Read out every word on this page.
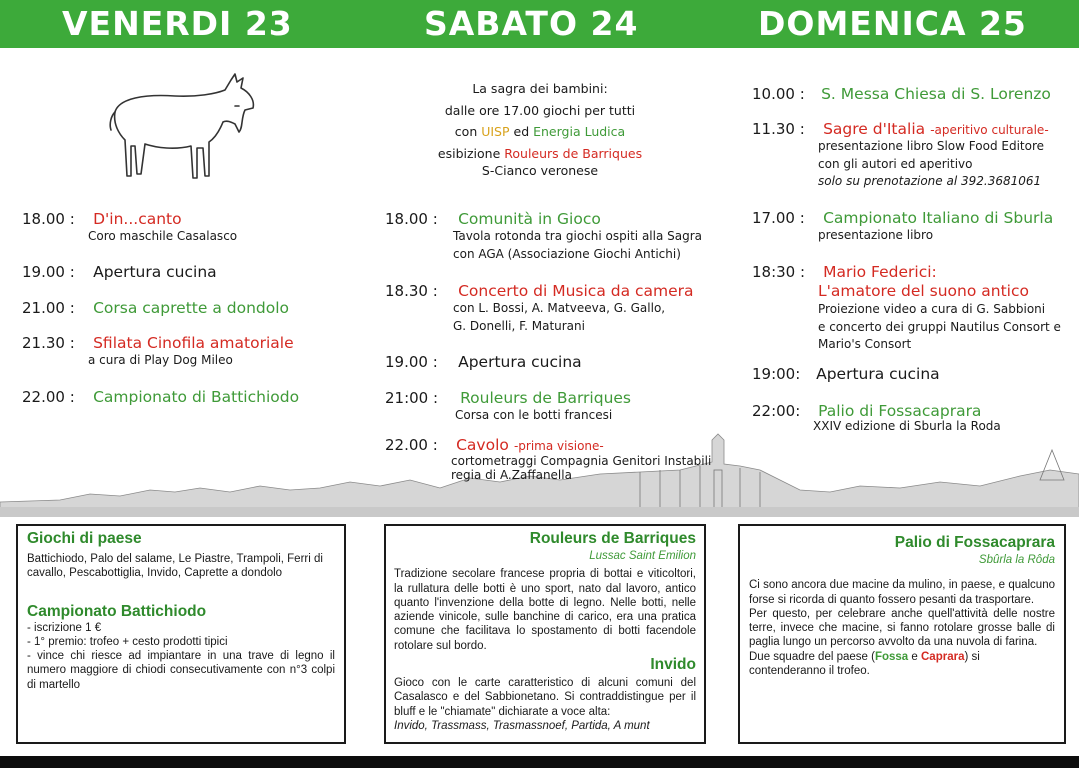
VENERDI 23	SABATO 24	DOMENICA 25
18.00 : D'in...canto
Coro maschile Casalasco
19.00 : Apertura cucina
21.00 : Corsa caprette a dondolo
21.30 : Sfilata Cinofila amatoriale
a cura di Play Dog Mileo
22.00 : Campionato di Battichiodo
La sagra dei bambini:
dalle ore 17.00 giochi per tutti
con UISP ed Energia Ludica
esibizione Rouleurs de Barriques
S-Cianco veronese
18.00 : Comunità in Gioco
Tavola rotonda tra giochi ospiti alla Sagra
con AGA (Associazione Giochi Antichi)
18.30 : Concerto di Musica da camera
con L. Bossi, A. Matveeva, G. Gallo,
G. Donelli, F. Maturani
19.00 : Apertura cucina
21:00 : Rouleurs de Barriques
Corsa con le botti francesi
10.00 : S. Messa Chiesa di S. Lorenzo
11.30 : Sagre d'Italia -aperitivo culturale-
presentazione libro Slow Food Editore
con gli autori ed aperitivo
solo su prenotazione al 392.3681061
17.00 : Campionato Italiano di Sburla
presentazione libro
18:30 : Mario Federici:
L'amatore del suono antico
Proiezione video a cura di G. Sabbioni
e concerto dei gruppi Nautilus Consort e
Mario's Consort
19:00: Apertura cucina
22:00: Palio di Fossacaprara
XXIV edizione di Sburla la Roda
22.00 : Cavolo -prima visione-
cortometraggi Compagnia Genitori Instabili
regia di A.Zaffanella
Giochi di paese

Battichiodo, Palo del salame, Le Piastre, Trampoli, Ferri di cavallo, Pescabottiglia, Invido, Caprette a dondolo

Campionato Battichiodo

- iscrizione 1 €

- 1° premio: trofeo + cesto prodotti tipici

- vince chi riesce ad impiantare in una trave di legno il numero maggiore di chiodi consecutivamente con n°3 colpi di martello

Rouleurs de Barriques

Lussac Saint Emilion

Tradizione secolare francese propria di bottai e viticoltori, la rullatura delle botti è uno sport, nato dal lavoro, antico quanto l'invenzione della botte di legno. Nelle botti, nelle aziende vinicole, sulle banchine di carico, era una pratica comune che facilitava lo spostamento di botti facendole rotolare sul bordo.

Invido

Gioco con le carte caratteristico di alcuni comuni del Casalasco e del Sabbionetano. Si contraddistingue per il bluff e le "chiamate" dichiarate a voce alta:

Invido, Trassmass, Trasmassnoef, Partida, A munt

Palio di Fossacaprara

Sbûrla la Rôda

Ci sono ancora due macine da mulino, in paese, e qualcuno forse si ricorda di quanto fossero pesanti da trasportare.

Per questo, per celebrare anche quell'attività delle nostre terre, invece che macine, si fanno rotolare grosse balle di paglia lungo un percorso avvolto da una nuvola di farina.

Due squadre del paese (Fossa e Caprara) si contenderanno il trofeo.
